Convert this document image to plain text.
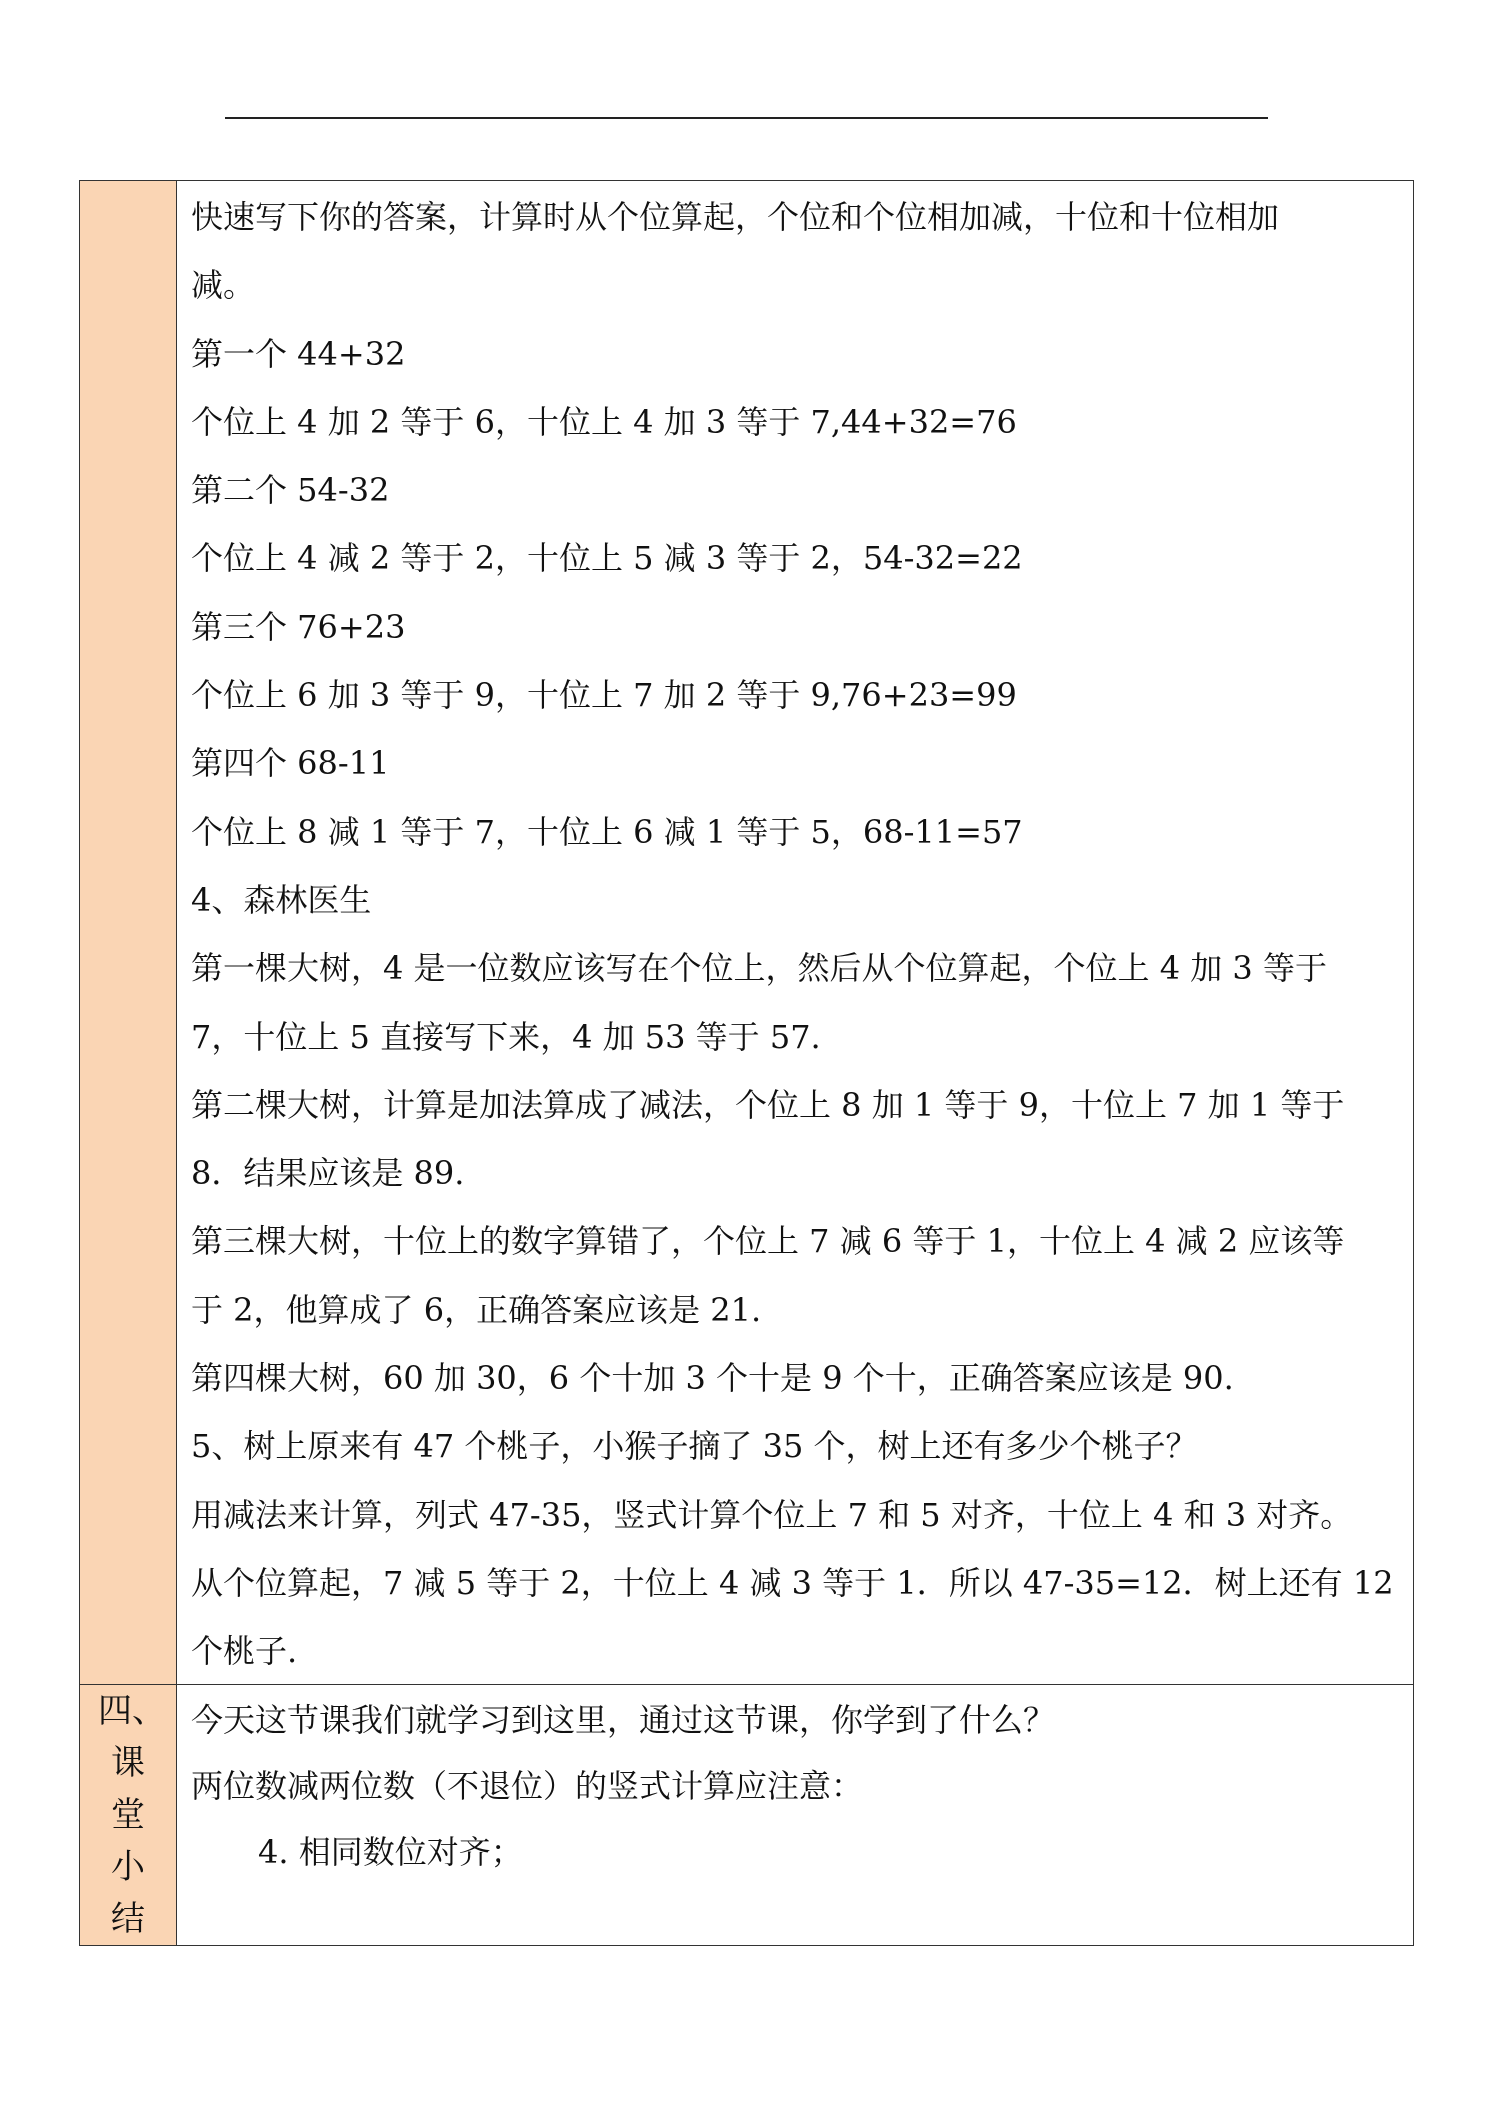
快速写下你的答案，计算时从个位算起，个位和个位相加减，十位和十位相加

减。

第一个 44+32

个位上 4 加 2 等于 6，十位上 4 加 3 等于 7,44+32=76

第二个 54-32

个位上 4 减 2 等于 2，十位上 5 减 3 等于 2，54-32=22

第三个 76+23

个位上 6 加 3 等于 9，十位上 7 加 2 等于 9,76+23=99

第四个 68-11

个位上 8 减 1 等于 7，十位上 6 减 1 等于 5，68-11=57

4、森林医生

第一棵大树，4 是一位数应该写在个位上，然后从个位算起，个位上 4 加 3 等于

7，十位上 5 直接写下来，4 加 53 等于 57.

第二棵大树，计算是加法算成了减法，个位上 8 加 1 等于 9，十位上 7 加 1 等于

8．结果应该是 89.

第三棵大树，十位上的数字算错了，个位上 7 减 6 等于 1，十位上 4 减 2 应该等

于 2，他算成了 6，正确答案应该是 21.

第四棵大树，60 加 30，6 个十加 3 个十是 9 个十，正确答案应该是 90.

5、树上原来有 47 个桃子，小猴子摘了 35 个，树上还有多少个桃子？

用减法来计算，列式 47-35，竖式计算个位上 7 和 5 对齐，十位上 4 和 3 对齐。

从个位算起，7 减 5 等于 2，十位上 4 减 3 等于 1．所以 47-35=12．树上还有 12

个桃子.

四、课堂小结

今天这节课我们就学习到这里，通过这节课，你学到了什么？

两位数减两位数（不退位）的竖式计算应注意：

4. 相同数位对齐；
